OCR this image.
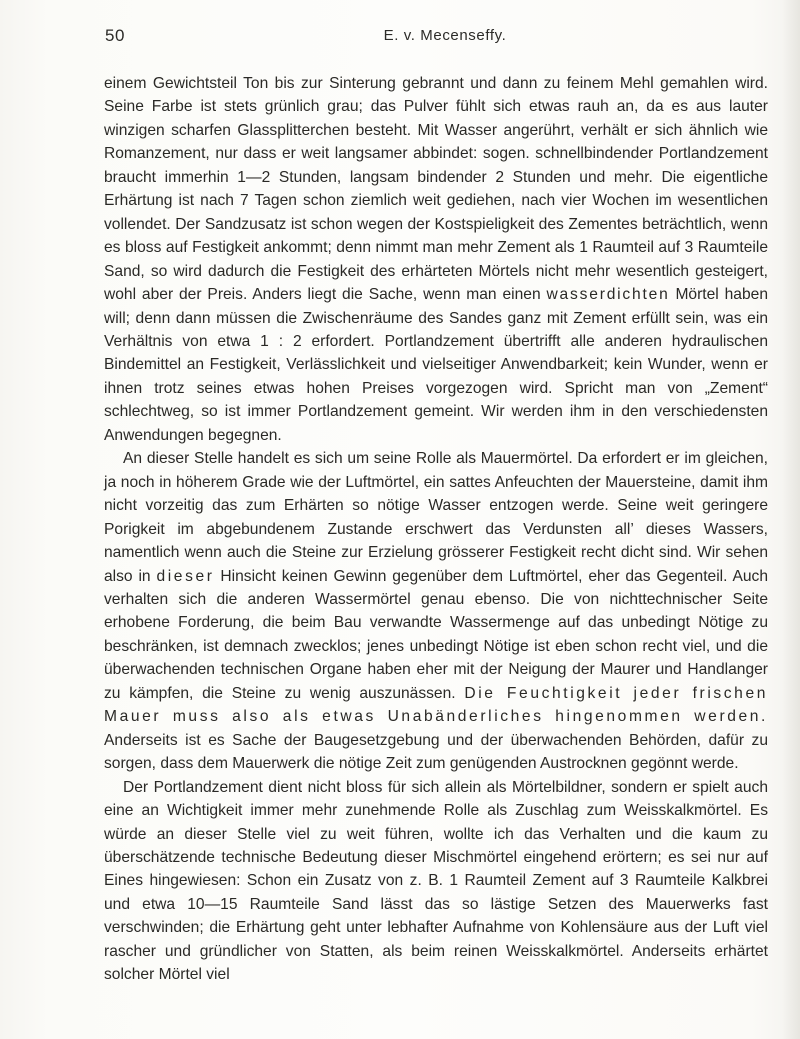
50	E. v. Mecenseffy.

einem Gewichtsteil Ton bis zur Sinterung gebrannt und dann zu feinem Mehl gemahlen wird. Seine Farbe ist stets grünlich grau; das Pulver fühlt sich etwas rauh an, da es aus lauter winzigen scharfen Glassplitterchen besteht. Mit Wasser angerührt, verhält er sich ähnlich wie Romanzement, nur dass er weit langsamer abbindet: sogen. schnellbindender Portlandzement braucht immerhin 1—2 Stunden, langsam bindender 2 Stunden und mehr. Die eigentliche Erhärtung ist nach 7 Tagen schon ziemlich weit gediehen, nach vier Wochen im wesentlichen vollendet. Der Sandzusatz ist schon wegen der Kostspieligkeit des Zementes beträchtlich, wenn es bloss auf Festigkeit ankommt; denn nimmt man mehr Zement als 1 Raumteil auf 3 Raumteile Sand, so wird dadurch die Festigkeit des erhärteten Mörtels nicht mehr wesentlich gesteigert, wohl aber der Preis. Anders liegt die Sache, wenn man einen wasserdichten Mörtel haben will; denn dann müssen die Zwischenräume des Sandes ganz mit Zement erfüllt sein, was ein Verhältnis von etwa 1 : 2 erfordert. Portlandzement übertrifft alle anderen hydraulischen Bindemittel an Festigkeit, Verlässlichkeit und vielseitiger Anwendbarkeit; kein Wunder, wenn er ihnen trotz seines etwas hohen Preises vorgezogen wird. Spricht man von „Zement“ schlechtweg, so ist immer Portlandzement gemeint. Wir werden ihm in den verschiedensten Anwendungen begegnen.

An dieser Stelle handelt es sich um seine Rolle als Mauermörtel. Da erfordert er im gleichen, ja noch in höherem Grade wie der Luftmörtel, ein sattes Anfeuchten der Mauersteine, damit ihm nicht vorzeitig das zum Erhärten so nötige Wasser entzogen werde. Seine weit geringere Porigkeit im abgebundenem Zustande erschwert das Verdunsten all’ dieses Wassers, namentlich wenn auch die Steine zur Erzielung grösserer Festigkeit recht dicht sind. Wir sehen also in dieser Hinsicht keinen Gewinn gegenüber dem Luftmörtel, eher das Gegenteil. Auch verhalten sich die anderen Wassermörtel genau ebenso. Die von nichttechnischer Seite erhobene Forderung, die beim Bau verwandte Wassermenge auf das unbedingt Nötige zu beschränken, ist demnach zwecklos; jenes unbedingt Nötige ist eben schon recht viel, und die überwachenden technischen Organe haben eher mit der Neigung der Maurer und Handlanger zu kämpfen, die Steine zu wenig auszunässen. Die Feuchtigkeit jeder frischen Mauer muss also als etwas Unabänderliches hingenommen werden. Anderseits ist es Sache der Baugesetzgebung und der überwachenden Behörden, dafür zu sorgen, dass dem Mauerwerk die nötige Zeit zum genügenden Austrocknen gegönnt werde.

Der Portlandzement dient nicht bloss für sich allein als Mörtelbildner, sondern er spielt auch eine an Wichtigkeit immer mehr zunehmende Rolle als Zuschlag zum Weisskalkmörtel. Es würde an dieser Stelle viel zu weit führen, wollte ich das Verhalten und die kaum zu überschätzende technische Bedeutung dieser Mischmörtel eingehend erörtern; es sei nur auf Eines hingewiesen: Schon ein Zusatz von z. B. 1 Raumteil Zement auf 3 Raumteile Kalkbrei und etwa 10—15 Raumteile Sand lässt das so lästige Setzen des Mauerwerks fast verschwinden; die Erhärtung geht unter lebhafter Aufnahme von Kohlensäure aus der Luft viel rascher und gründlicher von Statten, als beim reinen Weisskalkmörtel. Anderseits erhärtet solcher Mörtel viel
